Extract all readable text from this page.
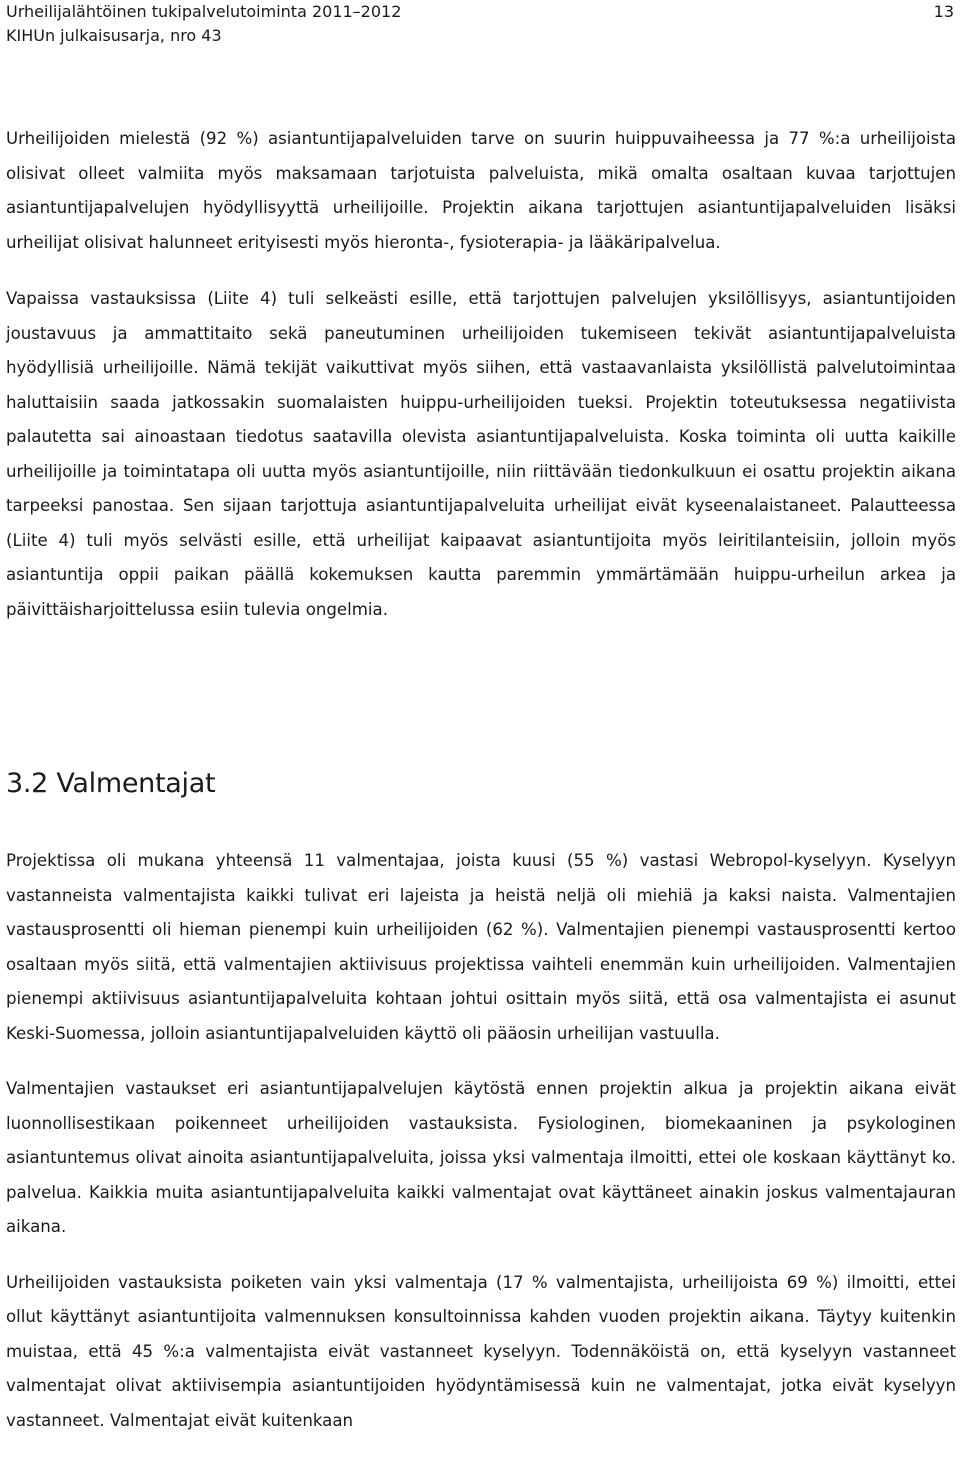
Urheilijalähtöinen tukipalvelutoiminta 2011–2012
KIHUn julkaisusarja, nro 43
13

Urheilijoiden mielestä (92 %) asiantuntijapalveluiden tarve on suurin huippuvaiheessa ja 77 %:a urheilijoista olisivat olleet valmiita myös maksamaan tarjotuista palveluista, mikä omalta osaltaan kuvaa tarjottujen asiantuntijapalvelujen hyödyllisyyttä urheilijoille. Projektin aikana tarjottujen asiantuntijapalveluiden lisäksi urheilijat olisivat halunneet erityisesti myös hieronta-, fysioterapia- ja lääkäripalvelua.

Vapaissa vastauksissa (Liite 4) tuli selkeästi esille, että tarjottujen palvelujen yksilöllisyys, asiantuntijoiden joustavuus ja ammattitaito sekä paneutuminen urheilijoiden tukemiseen tekivät asiantuntijapalveluista hyödyllisiä urheilijoille. Nämä tekijät vaikuttivat myös siihen, että vastaavanlaista yksilöllistä palvelutoimintaa haluttaisiin saada jatkossakin suomalaisten huippu-urheilijoiden tueksi. Projektin toteutuksessa negatiivista palautetta sai ainoastaan tiedotus saatavilla olevista asiantuntijapalveluista. Koska toiminta oli uutta kaikille urheilijoille ja toimintatapa oli uutta myös asiantuntijoille, niin riittävään tiedonkulkuun ei osattu projektin aikana tarpeeksi panostaa. Sen sijaan tarjottuja asiantuntijapalveluita urheilijat eivät kyseenalaistaneet. Palautteessa (Liite 4) tuli myös selvästi esille, että urheilijat kaipaavat asiantuntijoita myös leiritilanteisiin, jolloin myös asiantuntija oppii paikan päällä kokemuksen kautta paremmin ymmärtämään huippu-urheilun arkea ja päivittäisharjoittelussa esiin tulevia ongelmia.

3.2 Valmentajat

Projektissa oli mukana yhteensä 11 valmentajaa, joista kuusi (55 %) vastasi Webropol-kyselyyn. Kyselyyn vastanneista valmentajista kaikki tulivat eri lajeista ja heistä neljä oli miehiä ja kaksi naista. Valmentajien vastausprosentti oli hieman pienempi kuin urheilijoiden (62 %). Valmentajien pienempi vastausprosentti kertoo osaltaan myös siitä, että valmentajien aktiivisuus projektissa vaihteli enemmän kuin urheilijoiden. Valmentajien pienempi aktiivisuus asiantuntijapalveluita kohtaan johtui osittain myös siitä, että osa valmentajista ei asunut Keski-Suomessa, jolloin asiantuntijapalveluiden käyttö oli pääosin urheilijan vastuulla.

Valmentajien vastaukset eri asiantuntijapalvelujen käytöstä ennen projektin alkua ja projektin aikana eivät luonnollisestikaan poikenneet urheilijoiden vastauksista. Fysiologinen, biomekaaninen ja psykologinen asiantuntemus olivat ainoita asiantuntijapalveluita, joissa yksi valmentaja ilmoitti, ettei ole koskaan käyttänyt ko. palvelua. Kaikkia muita asiantuntijapalveluita kaikki valmentajat ovat käyttäneet ainakin joskus valmentajauran aikana.

Urheilijoiden vastauksista poiketen vain yksi valmentaja (17 % valmentajista, urheilijoista 69 %) ilmoitti, ettei ollut käyttänyt asiantuntijoita valmennuksen konsultoinnissa kahden vuoden projektin aikana. Täytyy kuitenkin muistaa, että 45 %:a valmentajista eivät vastanneet kyselyyn. Todennäköistä on, että kyselyyn vastanneet valmentajat olivat aktiivisempia asiantuntijoiden hyödyntämisessä kuin ne valmentajat, jotka eivät kyselyyn vastanneet. Valmentajat eivät kuitenkaan
